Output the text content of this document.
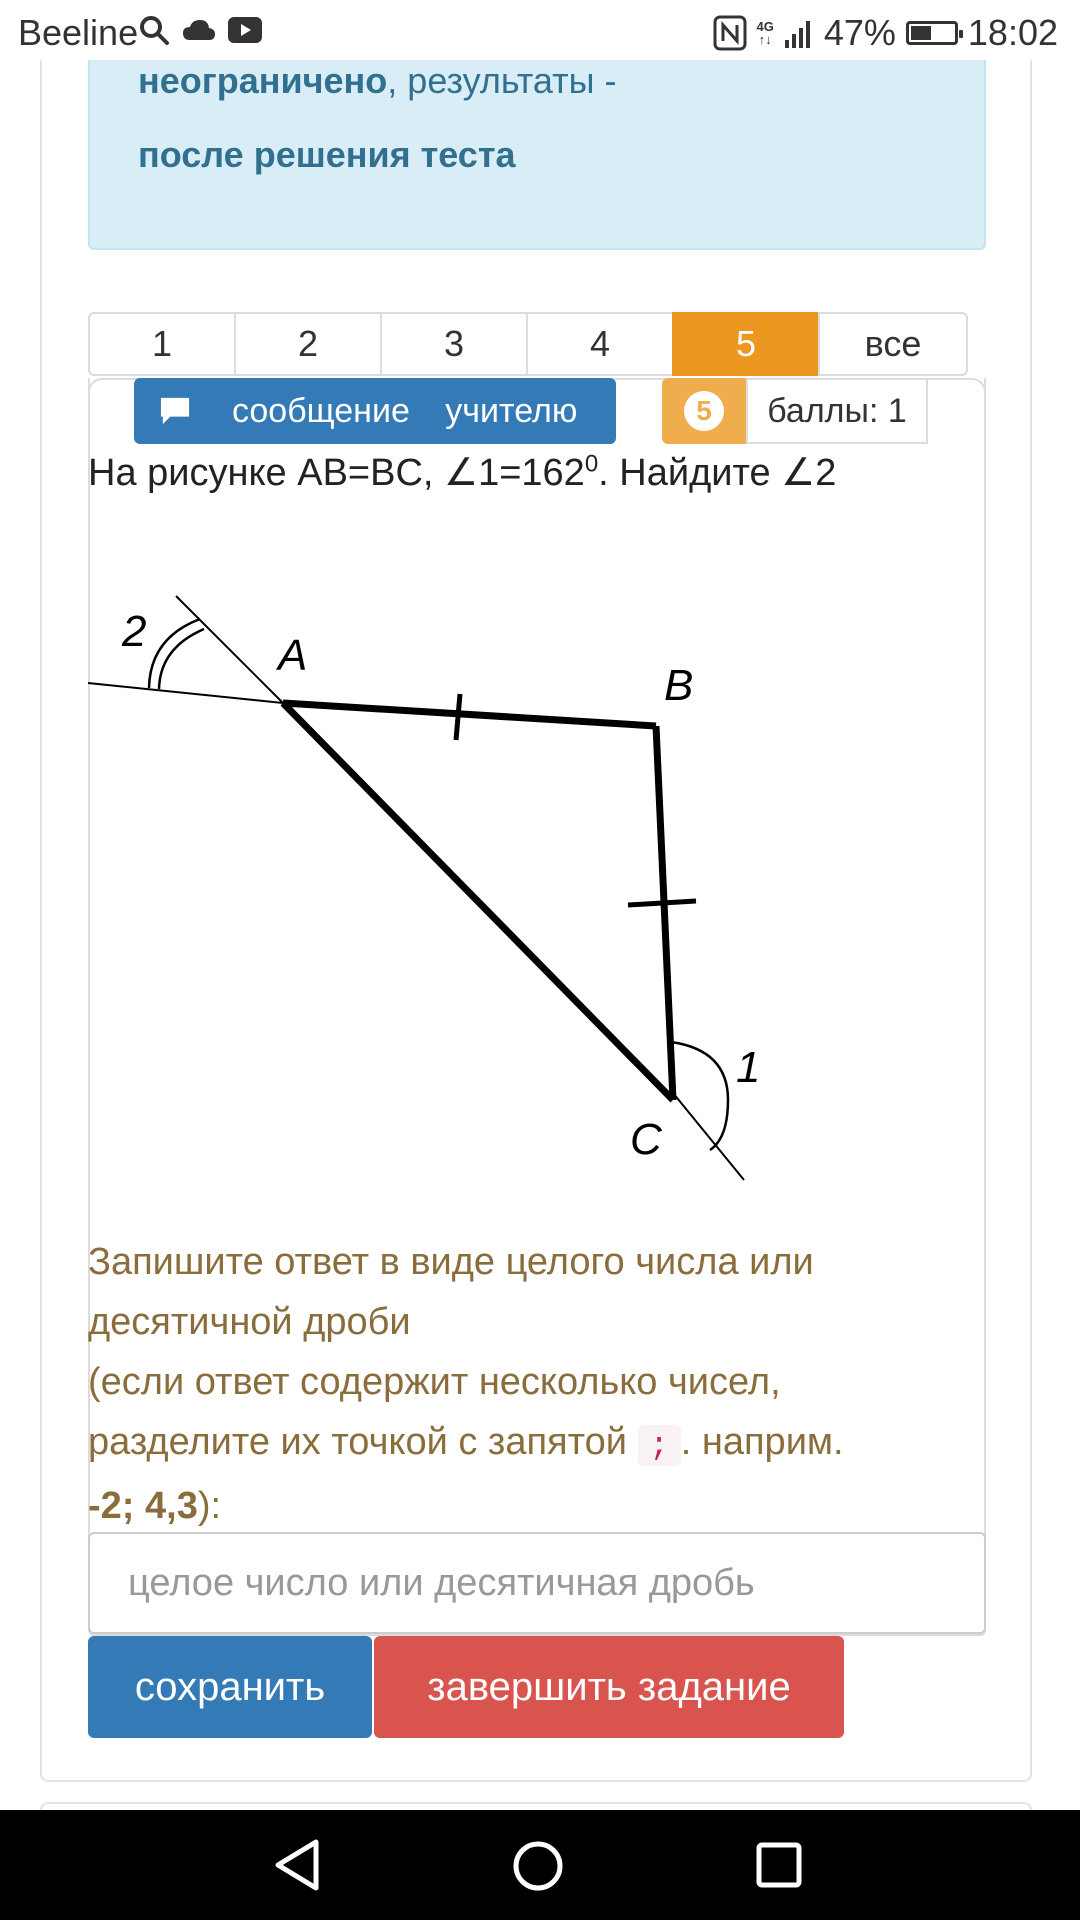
Beeline	4G
↑↓ 47% 18:02
неограничено, результаты -
после решения теста
1	2	3	4	5	все
сообщение учителю	5	баллы: 1
На рисунке AB=BC, $\angle 1=162^0$. Найдите ∠2
2	A
B
C
1
Запишите ответ в виде целого числа или десятичной дроби
(если ответ содержит несколько чисел, разделите их точкой с запятой ; . наприм.
-2; 4,3):
целое число или десятичная дробь
сохранить	завершить задание
